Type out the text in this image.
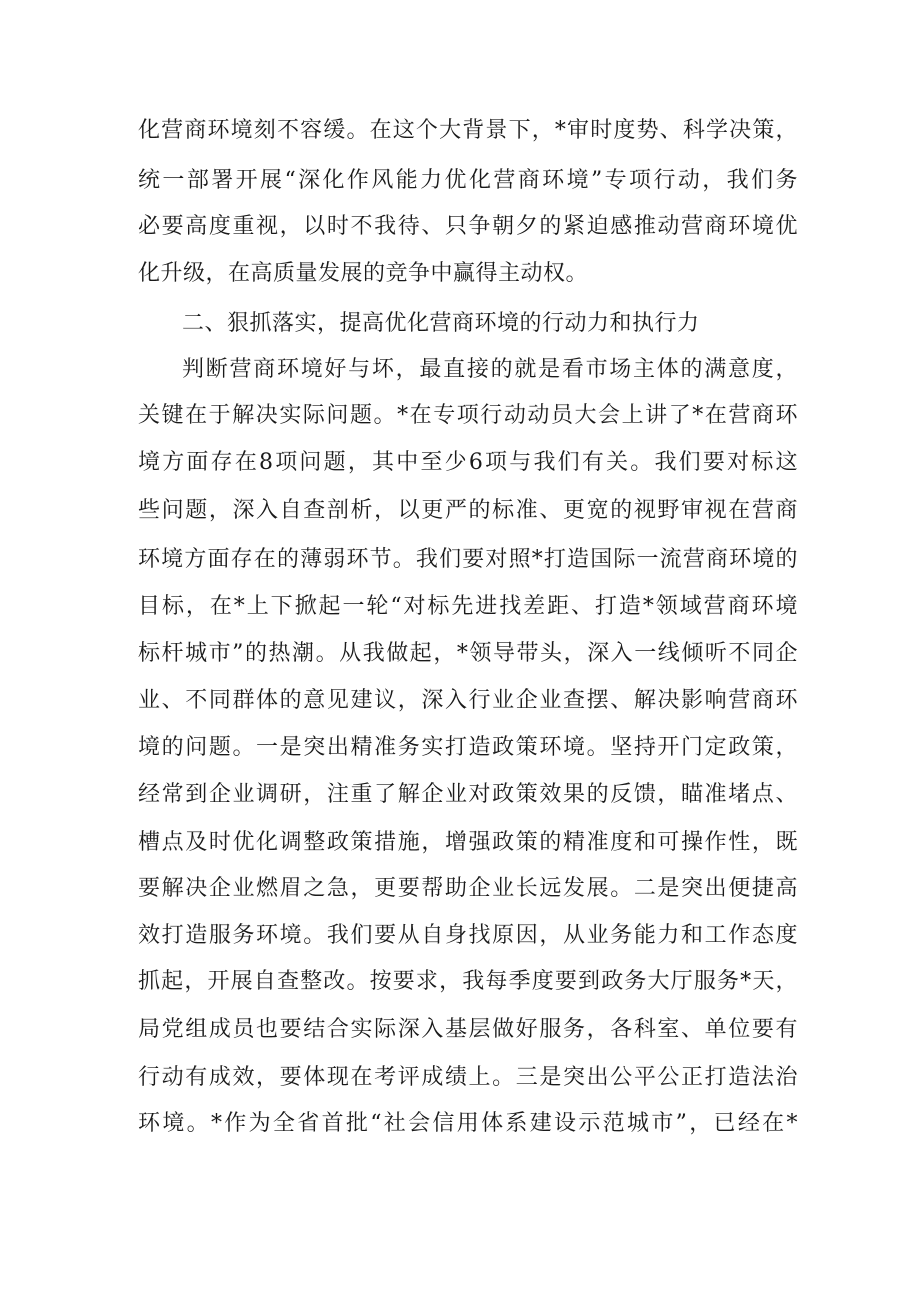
化营商环境刻不容缓。在这个大背景下，*审时度势、科学决策，
统一部署开展“深化作风能力优化营商环境”专项行动，我们务
必要高度重视，以时不我待、只争朝夕的紧迫感推动营商环境优
化升级，在高质量发展的竞争中赢得主动权。
二、狠抓落实，提高优化营商环境的行动力和执行力
判断营商环境好与坏，最直接的就是看市场主体的满意度，
关键在于解决实际问题。*在专项行动动员大会上讲了*在营商环
境方面存在8项问题，其中至少6项与我们有关。我们要对标这
些问题，深入自查剖析，以更严的标准、更宽的视野审视在营商
环境方面存在的薄弱环节。我们要对照*打造国际一流营商环境的
目标，在*上下掀起一轮“对标先进找差距、打造*领域营商环境
标杆城市”的热潮。从我做起，*领导带头，深入一线倾听不同企
业、不同群体的意见建议，深入行业企业查摆、解决影响营商环
境的问题。一是突出精准务实打造政策环境。坚持开门定政策，
经常到企业调研，注重了解企业对政策效果的反馈，瞄准堵点、
槽点及时优化调整政策措施，增强政策的精准度和可操作性，既
要解决企业燃眉之急，更要帮助企业长远发展。二是突出便捷高
效打造服务环境。我们要从自身找原因，从业务能力和工作态度
抓起，开展自查整改。按要求，我每季度要到政务大厅服务*天，
局党组成员也要结合实际深入基层做好服务，各科室、单位要有
行动有成效，要体现在考评成绩上。三是突出公平公正打造法治
环境。*作为全省首批“社会信用体系建设示范城市”，已经在*
